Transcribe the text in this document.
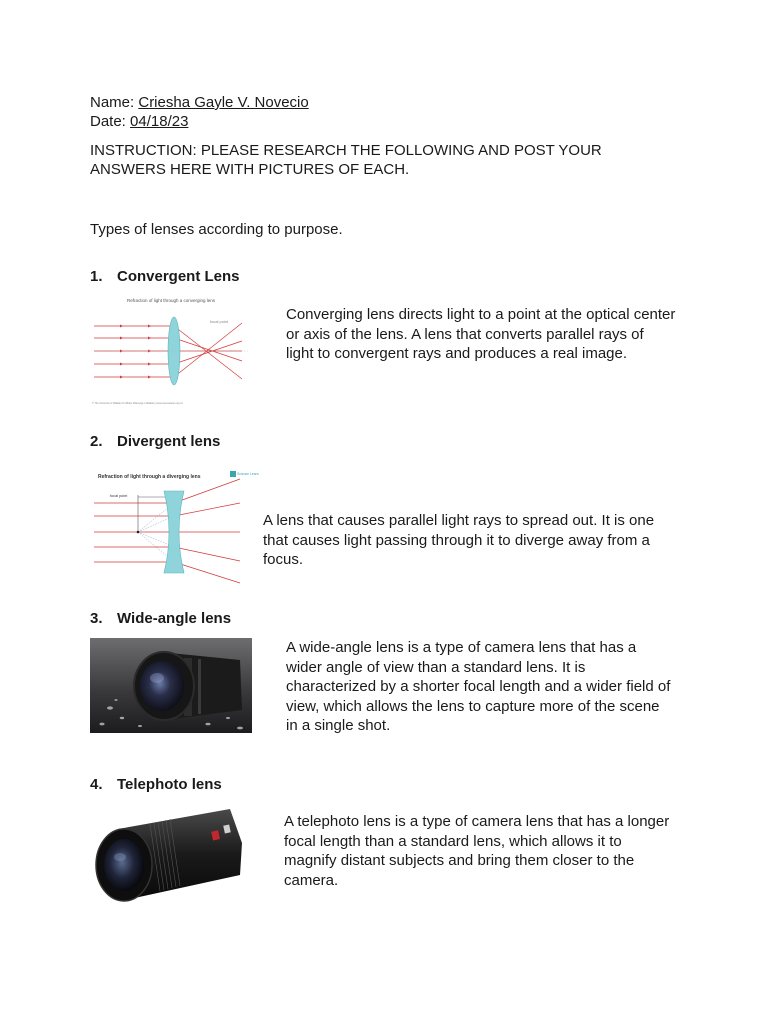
Name: Criesha Gayle V. Novecio
Date: 04/18/23
INSTRUCTION: PLEASE RESEARCH THE FOLLOWING AND POST YOUR
ANSWERS HERE WITH PICTURES OF EACH.
Types of lenses according to purpose.
1. Convergent Lens
Refraction of light through a converging lens
focal point
© The University of Waikato Te Whare Wānanga o Waikato | www.sciencelearn.org.nz
Converging lens directs light to a point at the optical center
or axis of the lens. A lens that converts parallel rays of
light to convergent rays and produces a real image.
2. Divergent lens
Refraction of light through a diverging lens	Science Learn
focal point
A lens that causes parallel light rays to spread out. It is one
that causes light passing through it to diverge away from a
focus.
3. Wide-angle lens
A wide-angle lens is a type of camera lens that has a
wider angle of view than a standard lens. It is
characterized by a shorter focal length and a wider field of
view, which allows the lens to capture more of the scene
in a single shot.
4. Telephoto lens
A telephoto lens is a type of camera lens that has a longer
focal length than a standard lens, which allows it to
magnify distant subjects and bring them closer to the
camera.
